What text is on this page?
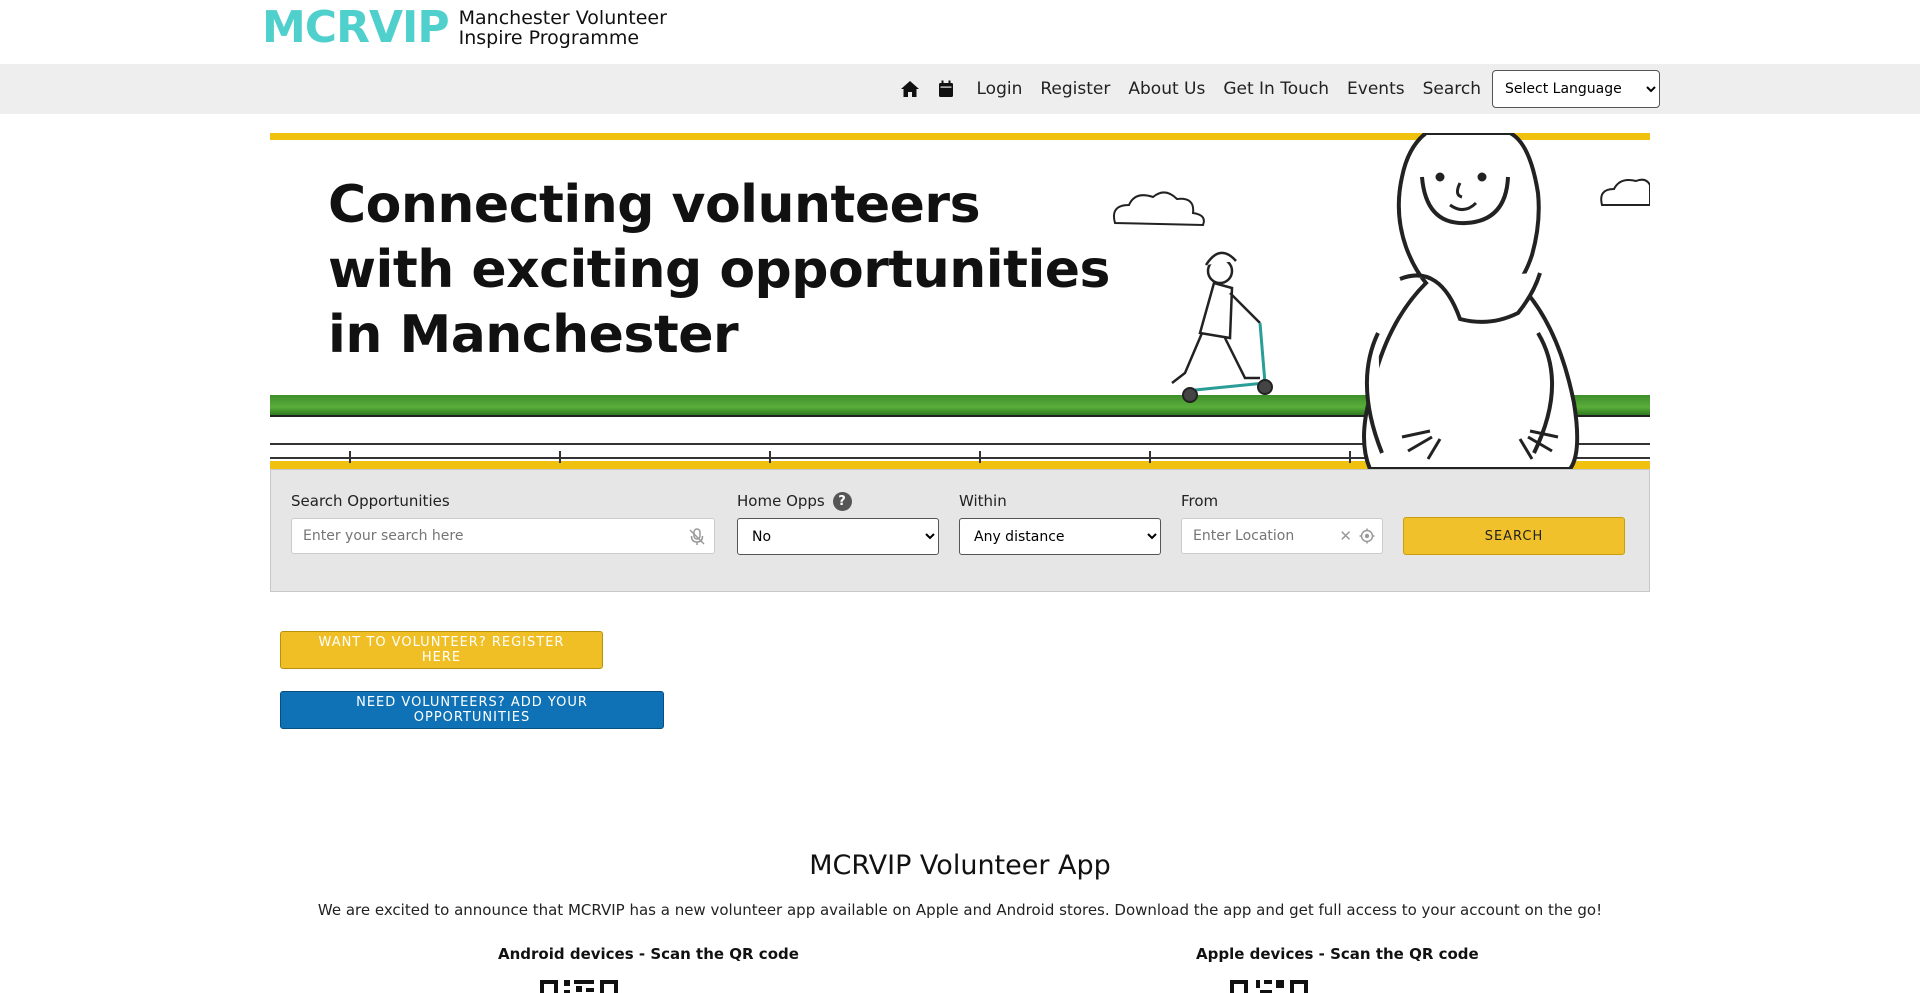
MCRVIP Manchester Volunteer
Inspire Programme
Login Register About Us Get In Touch Events Search
Select Language
Connecting volunteers
with exciting opportunities
in Manchester
Search Opportunities
Enter your search here	Home Opps ?
No	Within
Any distance	From
Enter Location
✕	SEARCH
WANT TO VOLUNTEER? REGISTER HERE
NEED VOLUNTEERS? ADD YOUR OPPORTUNITIES
MCRVIP Volunteer App
We are excited to announce that MCRVIP has a new volunteer app available on Apple and Android stores. Download the app and get full access to your account on the go!
Android devices - Scan the QR code	Apple devices - Scan the QR code
